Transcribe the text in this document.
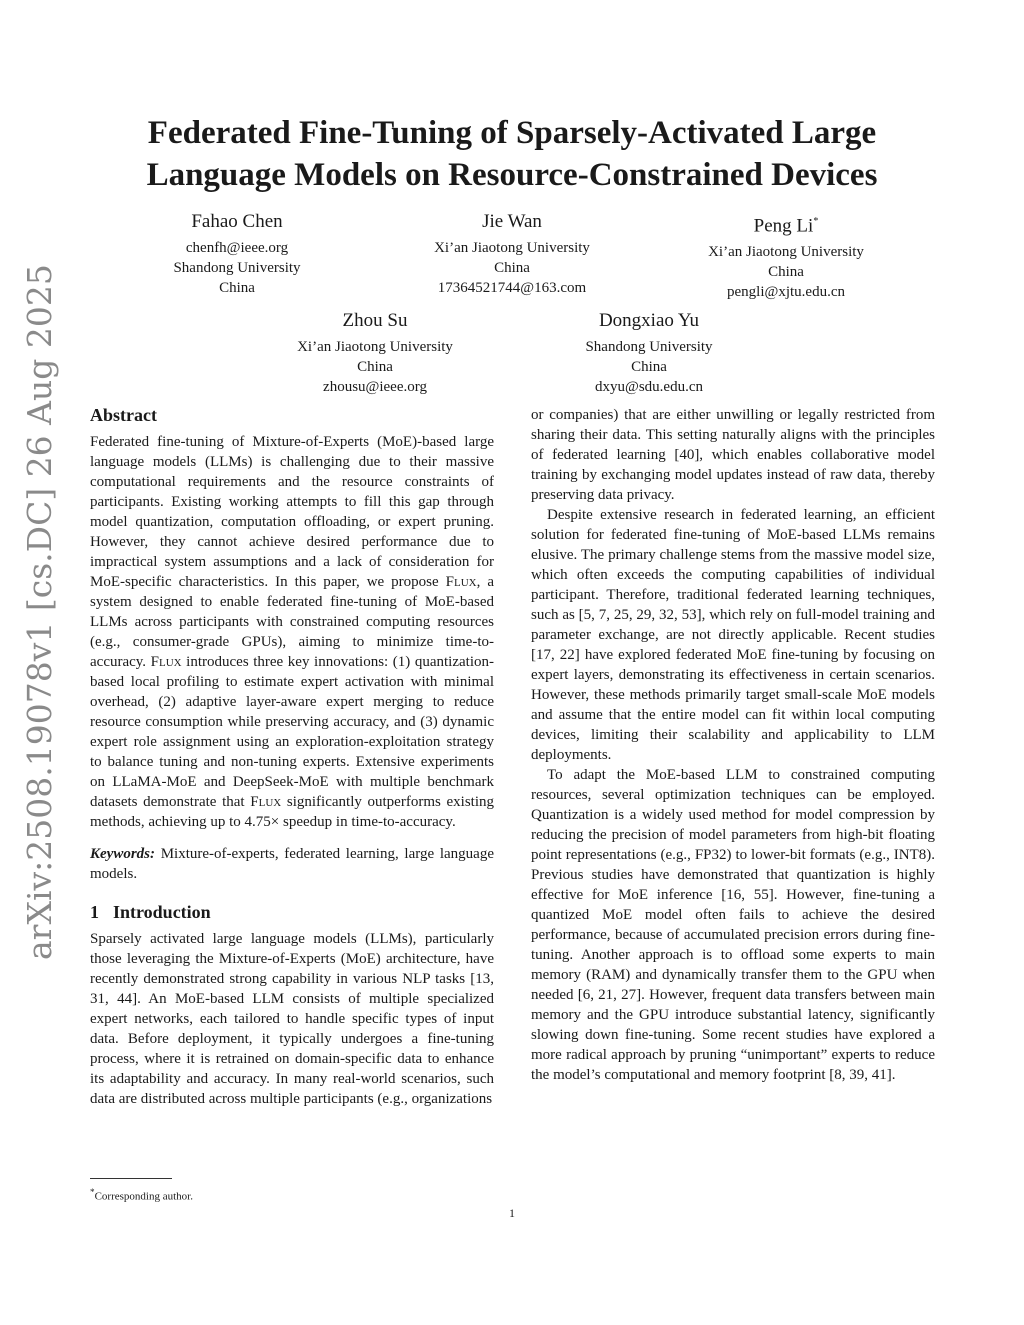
arXiv:2508.19078v1 [cs.DC] 26 Aug 2025
Federated Fine-Tuning of Sparsely-Activated Large
Language Models on Resource-Constrained Devices
Fahao Chen
chenfh@ieee.org
Shandong University
China
Jie Wan
Xi’an Jiaotong University
China
17364521744@163.com
Peng Li*
Xi’an Jiaotong University
China
pengli@xjtu.edu.cn
Zhou Su
Xi’an Jiaotong University
China
zhousu@ieee.org
Dongxiao Yu
Shandong University
China
dxyu@sdu.edu.cn
Abstract

Federated fine-tuning of Mixture-of-Experts (MoE)-based large language models (LLMs) is challenging due to their massive computational requirements and the resource constraints of participants. Existing working attempts to fill this gap through model quantization, computation offloading, or expert pruning. However, they cannot achieve desired performance due to impractical system assumptions and a lack of consideration for MoE-specific characteristics. In this paper, we propose Flux, a system designed to enable federated fine-tuning of MoE-based LLMs across participants with constrained computing resources (e.g., consumer-grade GPUs), aiming to minimize time-to-accuracy. Flux introduces three key innovations: (1) quantization-based local profiling to estimate expert activation with minimal overhead, (2) adaptive layer-aware expert merging to reduce resource consumption while preserving accuracy, and (3) dynamic expert role assignment using an exploration-exploitation strategy to balance tuning and non-tuning experts. Extensive experiments on LLaMA-MoE and DeepSeek-MoE with multiple benchmark datasets demonstrate that Flux significantly outperforms existing methods, achieving up to 4.75× speedup in time-to-accuracy.

Keywords: Mixture-of-experts, federated learning, large language models.

1 Introduction

Sparsely activated large language models (LLMs), particularly those leveraging the Mixture-of-Experts (MoE) architecture, have recently demonstrated strong capability in various NLP tasks [13, 31, 44]. An MoE-based LLM consists of multiple specialized expert networks, each tailored to handle specific types of input data. Before deployment, it typically undergoes a fine-tuning process, where it is retrained on domain-specific data to enhance its adaptability and accuracy. In many real-world scenarios, such data are distributed across multiple participants (e.g., organizations

or companies) that are either unwilling or legally restricted from sharing their data. This setting naturally aligns with the principles of federated learning [40], which enables collaborative model training by exchanging model updates instead of raw data, thereby preserving data privacy.

Despite extensive research in federated learning, an efficient solution for federated fine-tuning of MoE-based LLMs remains elusive. The primary challenge stems from the massive model size, which often exceeds the computing capabilities of individual participant. Therefore, traditional federated learning techniques, such as [5, 7, 25, 29, 32, 53], which rely on full-model training and parameter exchange, are not directly applicable. Recent studies [17, 22] have explored federated MoE fine-tuning by focusing on expert layers, demonstrating its effectiveness in certain scenarios. However, these methods primarily target small-scale MoE models and assume that the entire model can fit within local computing devices, limiting their scalability and applicability to LLM deployments.

To adapt the MoE-based LLM to constrained computing resources, several optimization techniques can be employed. Quantization is a widely used method for model compression by reducing the precision of model parameters from high-bit floating point representations (e.g., FP32) to lower-bit formats (e.g., INT8). Previous studies have demonstrated that quantization is highly effective for MoE inference [16, 55]. However, fine-tuning a quantized MoE model often fails to achieve the desired performance, because of accumulated precision errors during fine-tuning. Another approach is to offload some experts to main memory (RAM) and dynamically transfer them to the GPU when needed [6, 21, 27]. However, frequent data transfers between main memory and the GPU introduce substantial latency, significantly slowing down fine-tuning. Some recent studies have explored a more radical approach by pruning “unimportant” experts to reduce the model’s computational and memory footprint [8, 39, 41].

*Corresponding author.
1
